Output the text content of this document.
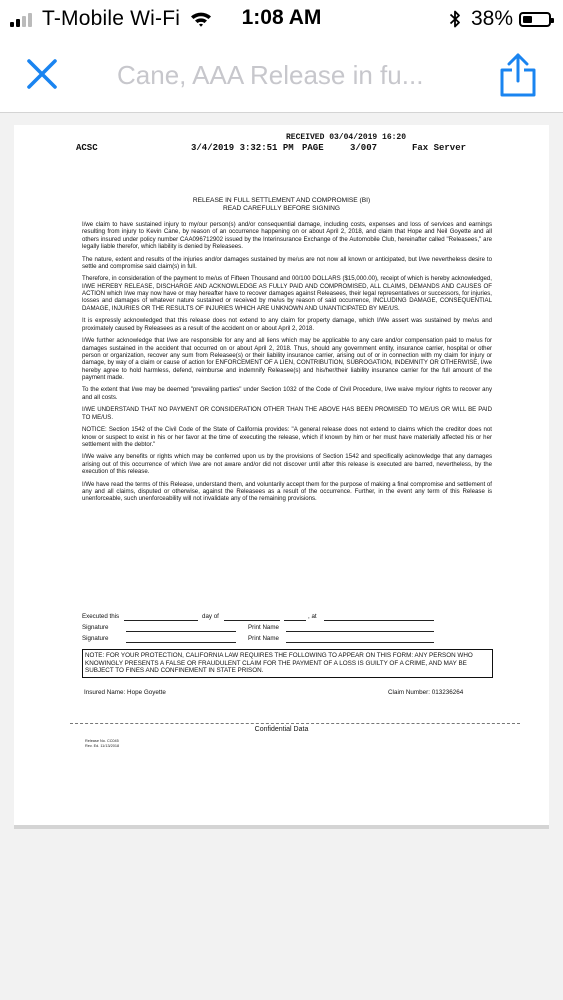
T-Mobile Wi-Fi	1:08 AM	38%
Cane, AAA Release in fu...
RECEIVED 03/04/2019 16:20
ACSC	3/4/2019 3:32:51 PM PAGE	3/007	Fax Server
RELEASE IN FULL SETTLEMENT AND COMPROMISE (BI)
READ CAREFULLY BEFORE SIGNING

I/we claim to have sustained injury to my/our person(s) and/or consequential damage, including costs, expenses and loss of services and earnings resulting from injury to Kevin Cane, by reason of an occurrence happening on or about April 2, 2018, and claim that Hope and Neil Goyette and all others insured under policy number CAA096712902 issued by the Interinsurance Exchange of the Automobile Club, hereinafter called "Releasees," are legally liable therefor, which liability is denied by Releasees.

The nature, extent and results of the injuries and/or damages sustained by me/us are not now all known or anticipated, but I/we nevertheless desire to settle and compromise said claim(s) in full.

Therefore, in consideration of the payment to me/us of Fifteen Thousand and 00/100 DOLLARS ($15,000.00), receipt of which is hereby acknowledged, I/WE HEREBY RELEASE, DISCHARGE AND ACKNOWLEDGE AS FULLY PAID AND COMPROMISED, ALL CLAIMS, DEMANDS AND CAUSES OF ACTION which I/we may now have or may hereafter have to recover damages against Releasees, their legal representatives or successors, for injuries, losses and damages of whatever nature sustained or received by me/us by reason of said occurrence, INCLUDING DAMAGE, CONSEQUENTIAL DAMAGE, INJURIES OR THE RESULTS OF INJURIES WHICH ARE UNKNOWN AND UNANTICIPATED BY ME/US.

It is expressly acknowledged that this release does not extend to any claim for property damage, which I/We assert was sustained by me/us and proximately caused by Releasees as a result of the accident on or about April 2, 2018.

I/We further acknowledge that I/we are responsible for any and all liens which may be applicable to any care and/or compensation paid to me/us for damages sustained in the accident that occurred on or about April 2, 2018. Thus, should any government entity, insurance carrier, hospital or other person or organization, recover any sum from Releasee(s) or their liability insurance carrier, arising out of or in connection with my claim for injury or damage, by way of a claim or cause of action for ENFORCEMENT OF A LIEN, CONTRIBUTION, SUBROGATION, INDEMNITY OR OTHERWISE, I/we hereby agree to hold harmless, defend, reimburse and indemnify Releasee(s) and his/her/their liability insurance carrier for the full amount of the payment made.

To the extent that I/we may be deemed "prevailing parties" under Section 1032 of the Code of Civil Procedure, I/we waive my/our rights to recover any and all costs.

I/WE UNDERSTAND THAT NO PAYMENT OR CONSIDERATION OTHER THAN THE ABOVE HAS BEEN PROMISED TO ME/US OR WILL BE PAID TO ME/US.

NOTICE: Section 1542 of the Civil Code of the State of California provides: "A general release does not extend to claims which the creditor does not know or suspect to exist in his or her favor at the time of executing the release, which if known by him or her must have materially affected his or her settlement with the debtor."

I/We waive any benefits or rights which may be conferred upon us by the provisions of Section 1542 and specifically acknowledge that any damages arising out of this occurrence of which I/we are not aware and/or did not discover until after this release is executed are barred, nevertheless, by the execution of this release.

I/We have read the terms of this Release, understand them, and voluntarily accept them for the purpose of making a final compromise and settlement of any and all claims, disputed or otherwise, against the Releasees as a result of the occurrence. Further, in the event any term of this Release is unenforceable, such unenforceability will not invalidate any of the remaining provisions.

Executed this	day of	, at
Signature	Print Name
Signature	Print Name
NOTE: FOR YOUR PROTECTION, CALIFORNIA LAW REQUIRES THE FOLLOWING TO APPEAR ON THIS FORM: ANY PERSON WHO KNOWINGLY PRESENTS A FALSE OR FRAUDULENT CLAIM FOR THE PAYMENT OF A LOSS IS GUILTY OF A CRIME, AND MAY BE SUBJECT TO FINES AND CONFINEMENT IN STATE PRISON.
Insured Name: Hope Goyette	Claim Number: 013236264
Confidential Data
Release No. CC045
Rev. Ed. 11/13/2018
